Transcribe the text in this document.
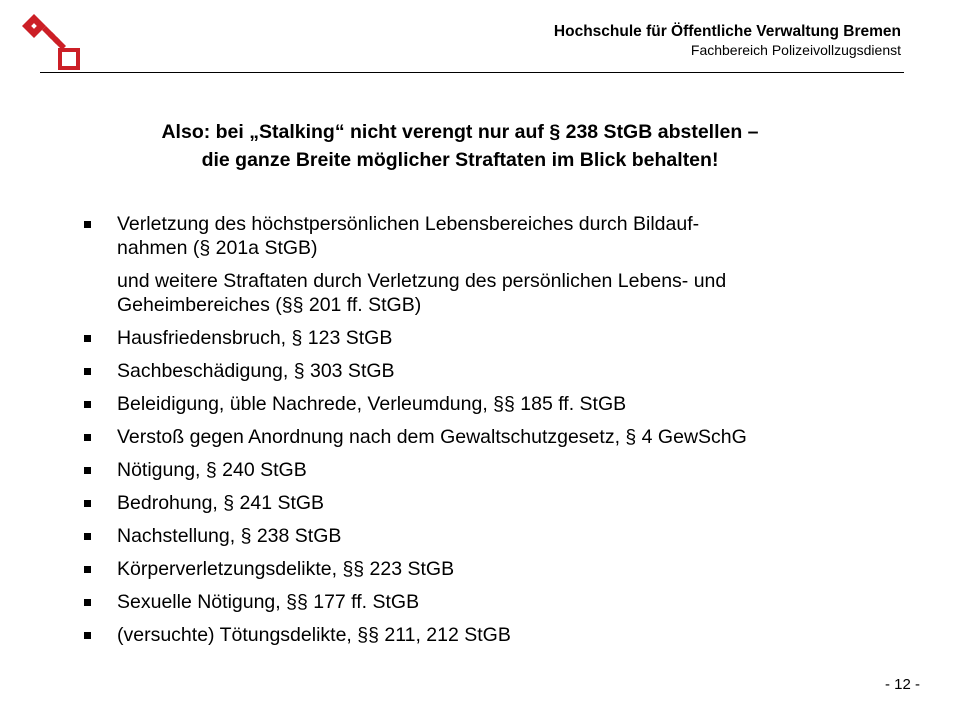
Hochschule für Öffentliche Verwaltung Bremen
Fachbereich Polizeivollzugsdienst
Also: bei „Stalking“ nicht verengt nur auf § 238 StGB abstellen –
die ganze Breite möglicher Straftaten im Blick behalten!
Verletzung des höchstpersönlichen Lebensbereiches durch Bildauf-
nahmen (§ 201a StGB)
und weitere Straftaten durch Verletzung des persönlichen Lebens- und
Geheimbereiches (§§ 201 ff. StGB)
Hausfriedensbruch, § 123 StGB
Sachbeschädigung, § 303 StGB
Beleidigung, üble Nachrede, Verleumdung, §§ 185 ff. StGB
Verstoß gegen Anordnung nach dem Gewaltschutzgesetz, § 4 GewSchG
Nötigung, § 240 StGB
Bedrohung, § 241 StGB
Nachstellung, § 238 StGB
Körperverletzungsdelikte, §§ 223 StGB
Sexuelle Nötigung, §§ 177 ff. StGB
(versuchte) Tötungsdelikte, §§ 211, 212 StGB
- 12 -
